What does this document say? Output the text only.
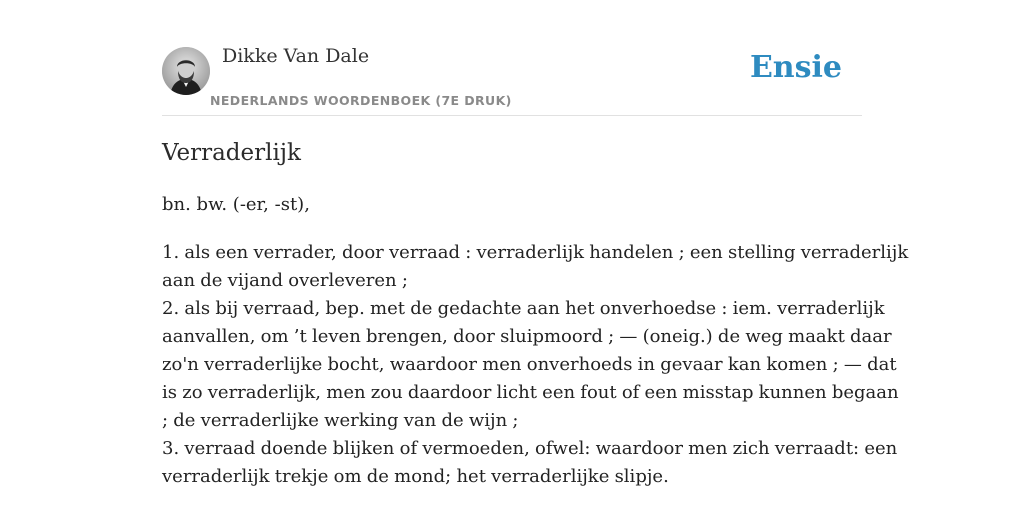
Dikke Van Dale
NEDERLANDS WOORDENBOEK (7E DRUK)
Ensie
Verraderlijk

bn. bw. (-er, -st),

1. als een verrader, door verraad : verraderlijk handelen ; een stelling verraderlijk
aan de vijand overleveren ;
2. als bij verraad, bep. met de gedachte aan het onverhoedse : iem. verraderlijk
aanvallen, om ’t leven brengen, door sluipmoord ; — (oneig.) de weg maakt daar
zo'n verraderlijke bocht, waardoor men onverhoeds in gevaar kan komen ; — dat
is zo verraderlijk, men zou daardoor licht een fout of een misstap kunnen begaan
; de verraderlijke werking van de wijn ;
3. verraad doende blijken of vermoeden, ofwel: waardoor men zich verraadt: een
verraderlijk trekje om de mond; het verraderlijke slipje.
